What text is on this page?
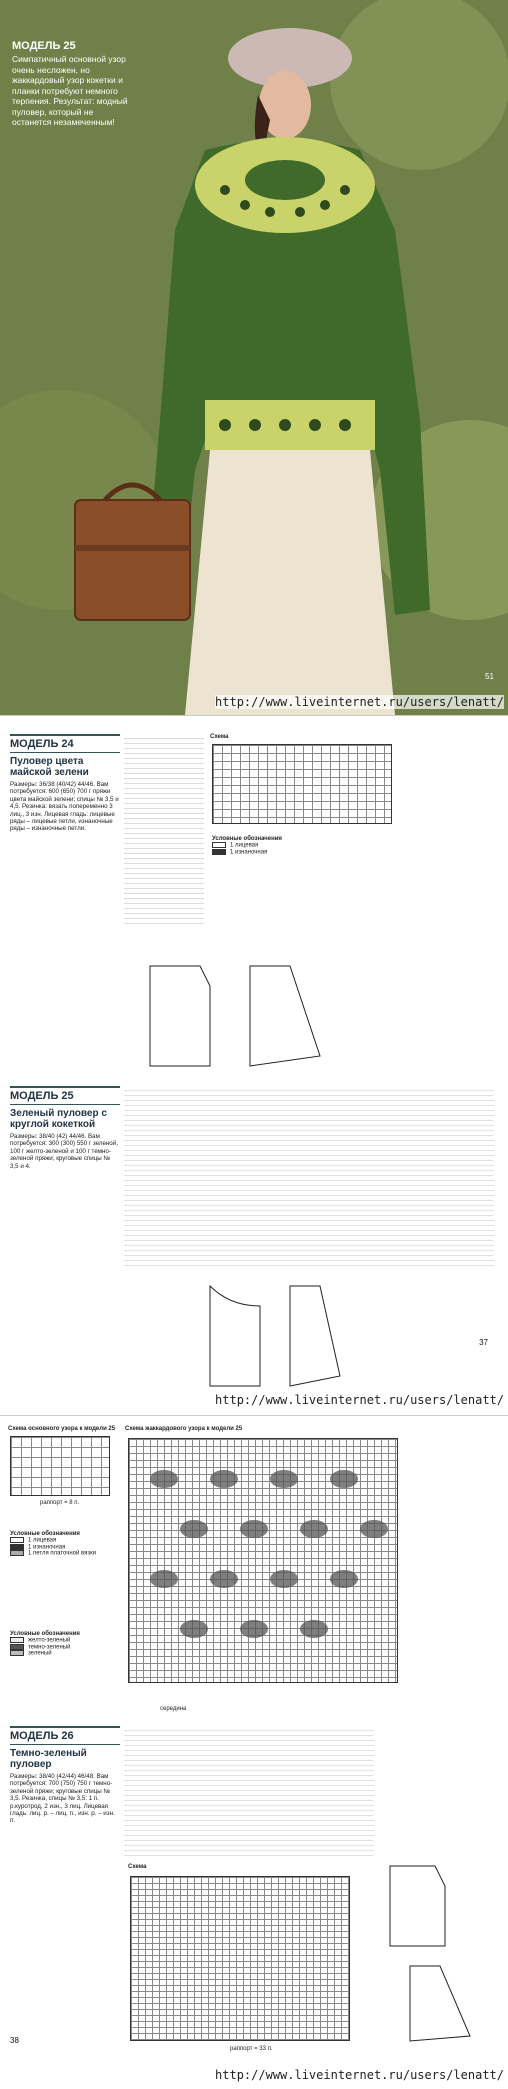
МОДЕЛЬ 25
Симпатичный основной узор очень несложен, но жаккардовый узор кокетки и планки потребуют немного терпения. Результат: модный пуловер, который не останется незамеченным!
51
http://www.liveinternet.ru/users/lenatt/
МОДЕЛЬ 24
Пуловер цвета майской зелени
Размеры: 36/38 (40/42) 44/46. Вам потребуется: 600 (650) 700 г пряжи цвета майской зелени; спицы № 3,5 и 4,5. Резинка: вязать попеременно 3 лиц., 3 изн. Лицевая гладь: лицевые ряды – лицевые петли, изнаночные ряды – изнаночные петли.
Схема
Условные обозначения
1 лицевая
1 изнаночная
МОДЕЛЬ 25
Зеленый пуловер с круглой кокеткой
Размеры: 38/40 (42) 44/46. Вам потребуется: 300 (300) 550 г зеленой, 100 г желто-зеленой и 100 г темно-зеленой пряжи; круговые спицы № 3,5 и 4.
37
http://www.liveinternet.ru/users/lenatt/
Схема основного узора к модели 25
раппорт = 8 п.
Условные обозначения
1 лицевая
1 изнаночная
1 петля платочной вязки
Условные обозначения
желто-зеленый
темно-зеленый
зеленый
Схема жаккардового узора к модели 25
середина
МОДЕЛЬ 26
Темно-зеленый пуловер
Размеры: 38/40 (42/44) 46/48. Вам потребуется: 700 (750) 750 г темно-зеленой пряжи; круговые спицы № 3,5. Резинка, спицы № 3,5: 1 п. р.куротрод, 2 изн., 3 лиц. Лицевая гладь: лиц. р. – лиц. п., изн. р. – изн. п.
Схема
раппорт = 33 п.
38
http://www.liveinternet.ru/users/lenatt/
